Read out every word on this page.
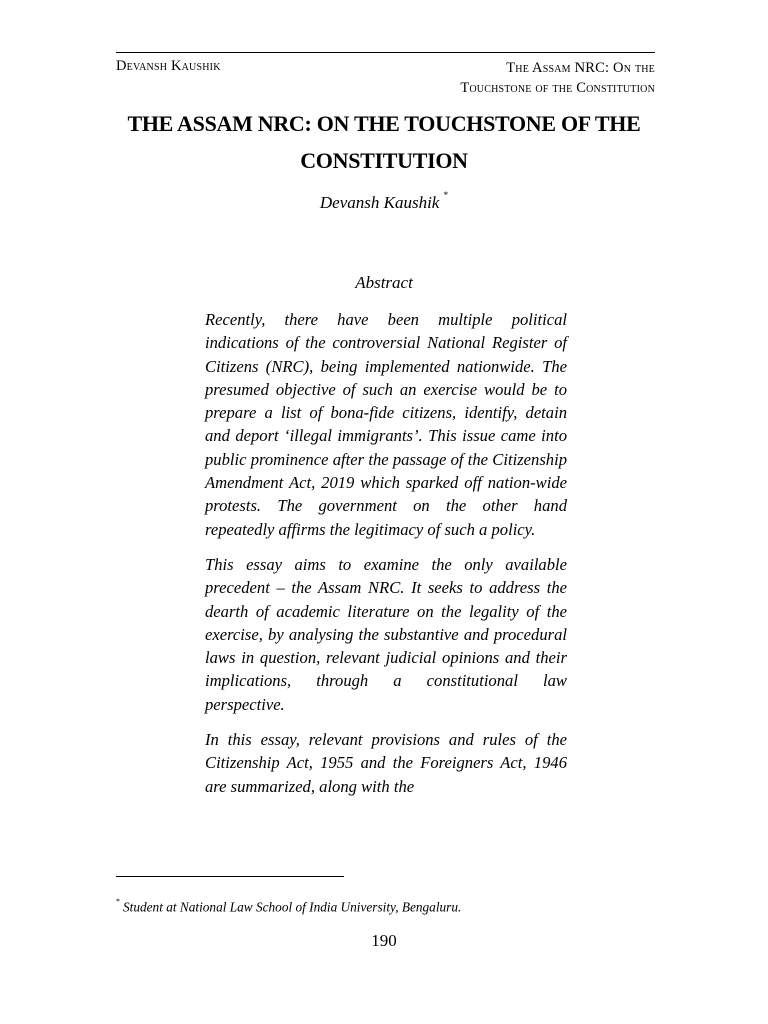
Devansh Kaushik	The Assam NRC: On the
Touchstone of the Constitution
THE ASSAM NRC: ON THE TOUCHSTONE OF THE CONSTITUTION
Devansh Kaushik *
Abstract

Recently, there have been multiple political indications of the controversial National Register of Citizens (NRC), being implemented nationwide. The presumed objective of such an exercise would be to prepare a list of bona-fide citizens, identify, detain and deport ‘illegal immigrants’. This issue came into public prominence after the passage of the Citizenship Amendment Act, 2019 which sparked off nation-wide protests. The government on the other hand repeatedly affirms the legitimacy of such a policy.

This essay aims to examine the only available precedent – the Assam NRC. It seeks to address the dearth of academic literature on the legality of the exercise, by analysing the substantive and procedural laws in question, relevant judicial opinions and their implications, through a constitutional law perspective.

In this essay, relevant provisions and rules of the Citizenship Act, 1955 and the Foreigners Act, 1946 are summarized, along with the

* Student at National Law School of India University, Bengaluru.
190
